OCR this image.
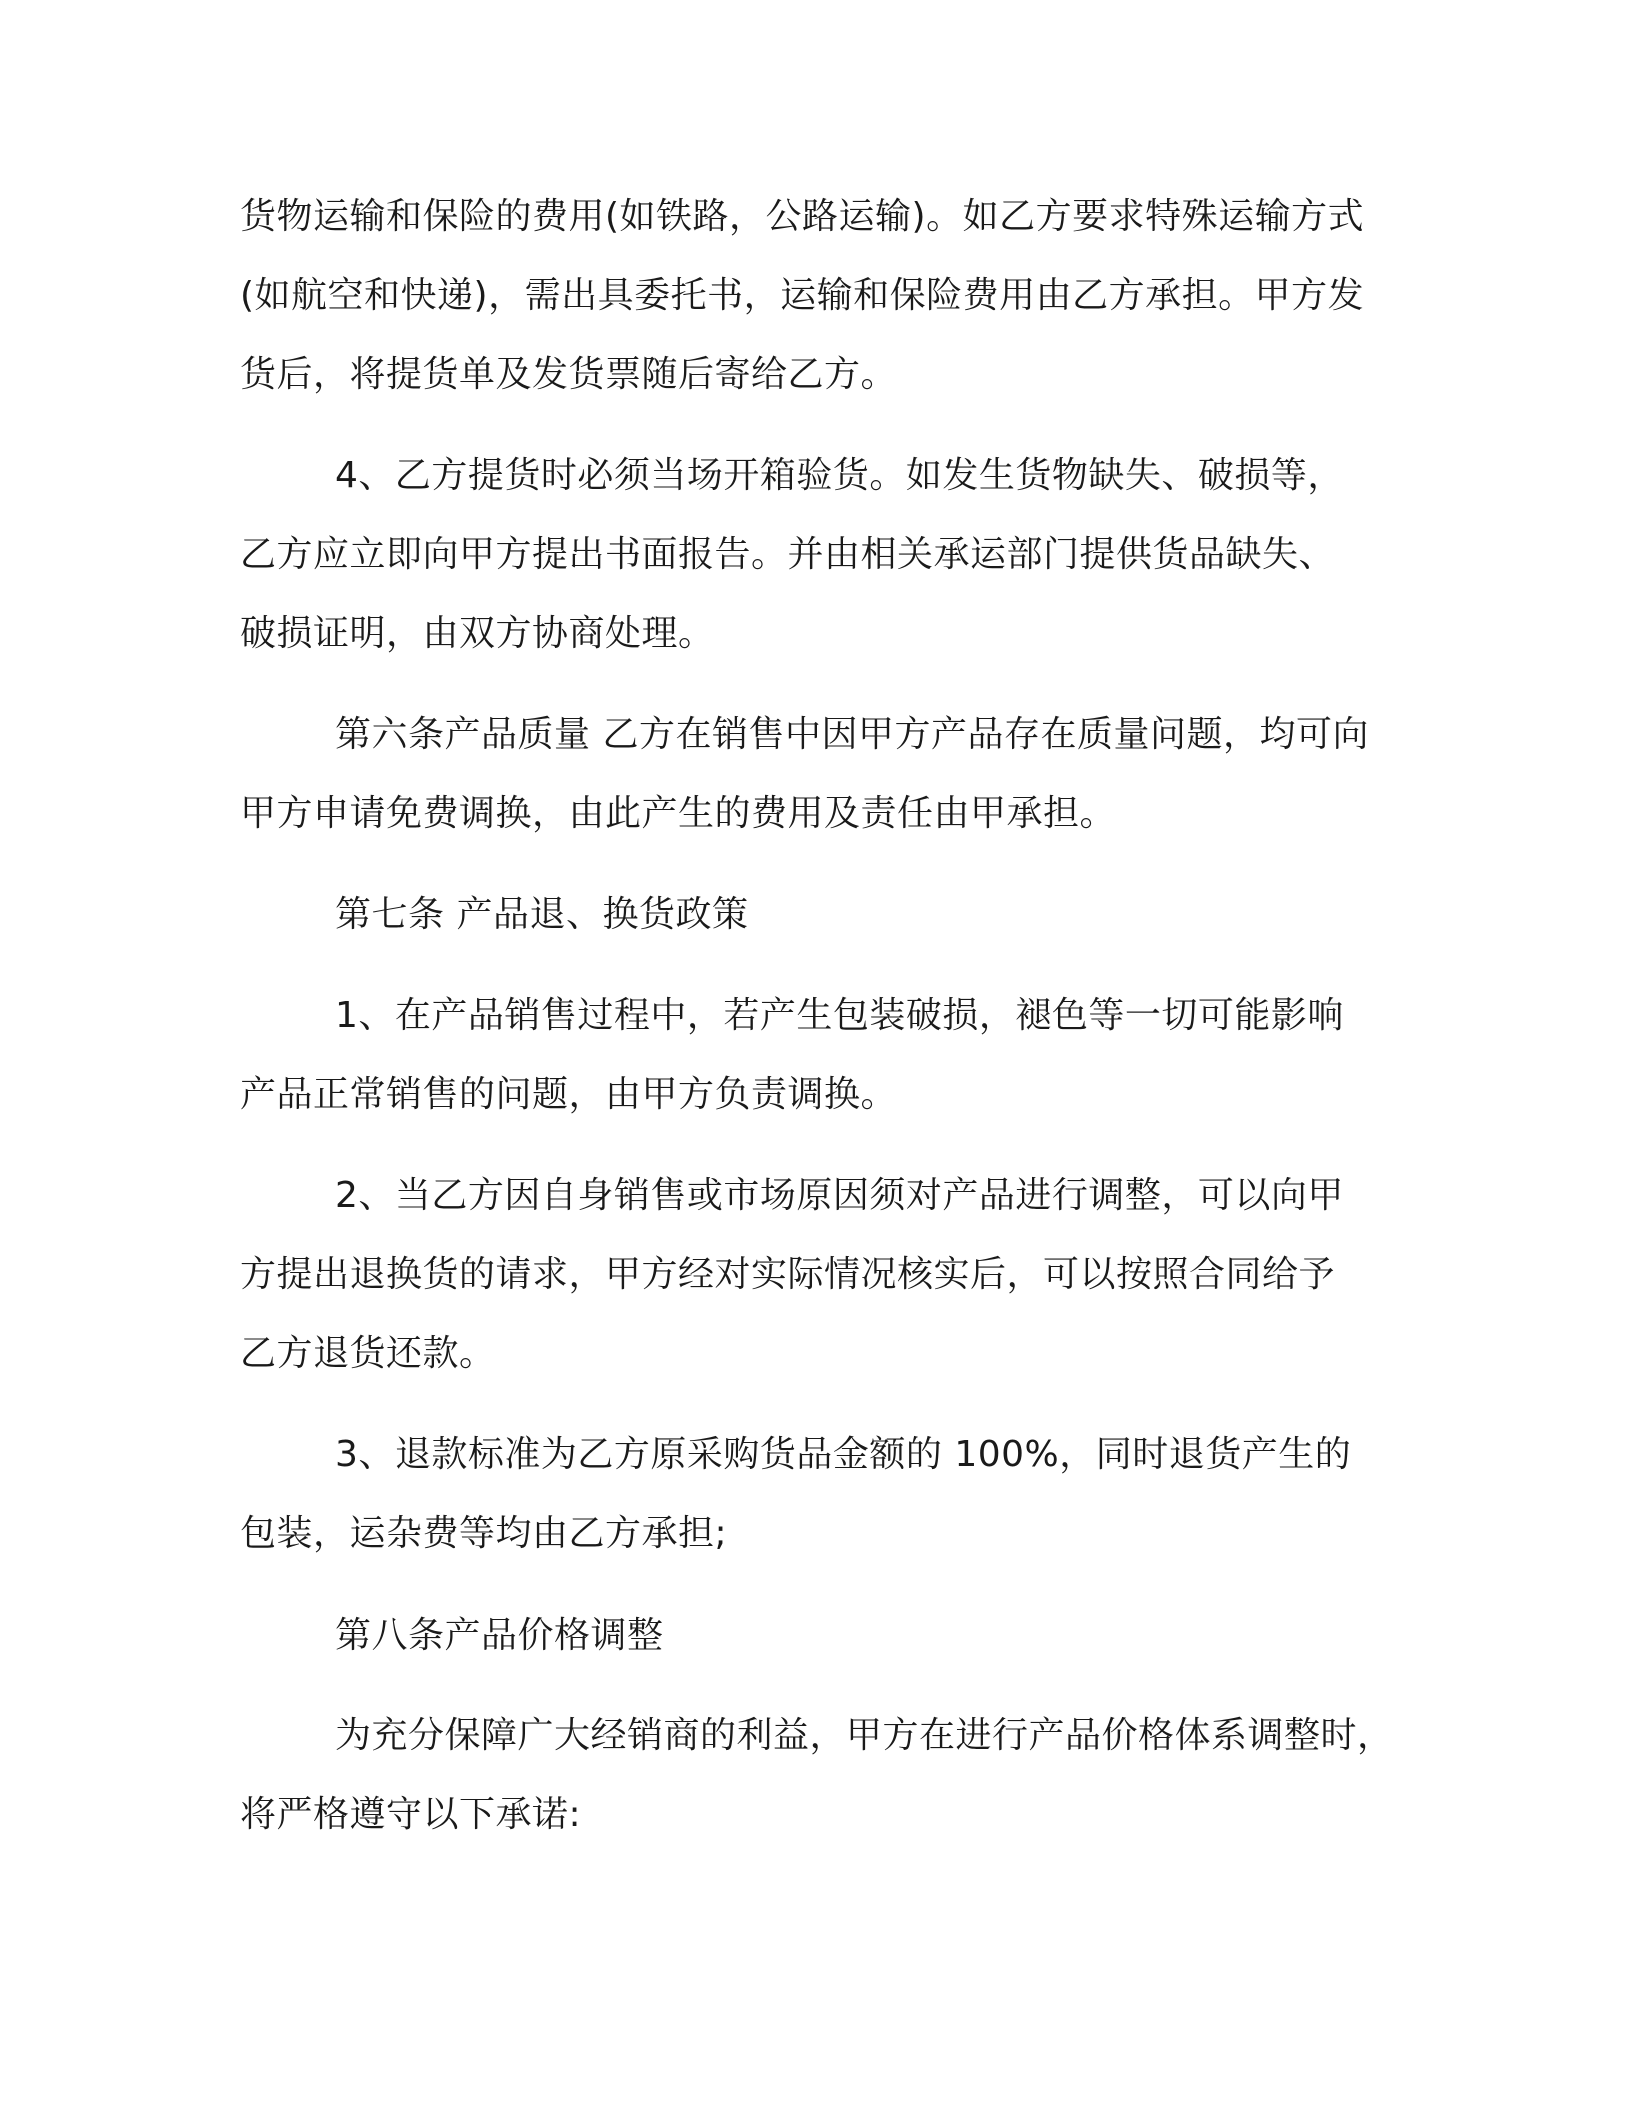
货物运输和保险的费用(如铁路，公路运输)。如乙方要求特殊运输方式
(如航空和快递)，需出具委托书，运输和保险费用由乙方承担。甲方发
货后，将提货单及发货票随后寄给乙方。
4、乙方提货时必须当场开箱验货。如发生货物缺失、破损等，
乙方应立即向甲方提出书面报告。并由相关承运部门提供货品缺失、
破损证明，由双方协商处理。
第六条产品质量 乙方在销售中因甲方产品存在质量问题，均可向
甲方申请免费调换，由此产生的费用及责任由甲承担。
第七条 产品退、换货政策
1、在产品销售过程中，若产生包装破损，褪色等一切可能影响
产品正常销售的问题，由甲方负责调换。
2、当乙方因自身销售或市场原因须对产品进行调整，可以向甲
方提出退换货的请求，甲方经对实际情况核实后，可以按照合同给予
乙方退货还款。
3、退款标准为乙方原采购货品金额的 100%，同时退货产生的
包装，运杂费等均由乙方承担;
第八条产品价格调整
为充分保障广大经销商的利益，甲方在进行产品价格体系调整时，
将严格遵守以下承诺:
